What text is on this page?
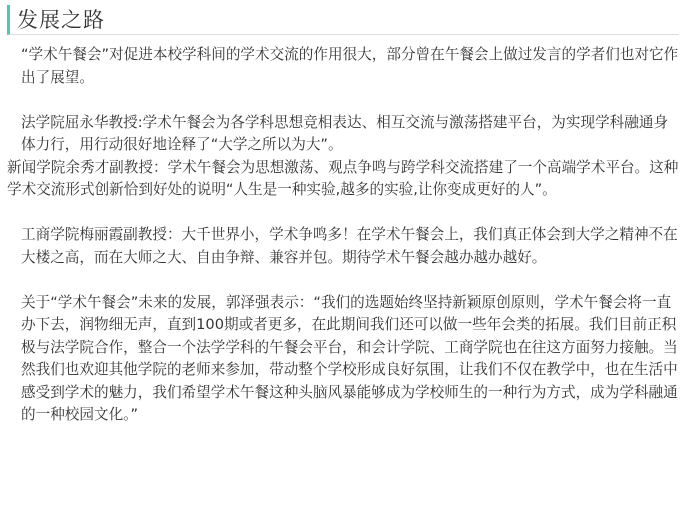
发展之路

“学术午餐会”对促进本校学科间的学术交流的作用很大，部分曾在午餐会上做过发言的学者们也对它作出了展望。

法学院屈永华教授:学术午餐会为各学科思想竞相表达、相互交流与激荡搭建平台，为实现学科融通身体力行，用行动很好地诠释了“大学之所以为大”。

新闻学院余秀才副教授：学术午餐会为思想激荡、观点争鸣与跨学科交流搭建了一个高端学术平台。这种学术交流形式创新恰到好处的说明“人生是一种实验,越多的实验,让你变成更好的人”。

工商学院梅丽霞副教授：大千世界小，学术争鸣多！在学术午餐会上，我们真正体会到大学之精神不在大楼之高，而在大师之大、自由争辩、兼容并包。期待学术午餐会越办越办越好。

关于“学术午餐会”未来的发展，郭泽强表示：“我们的选题始终坚持新颖原创原则，学术午餐会将一直办下去，润物细无声，直到100期或者更多，在此期间我们还可以做一些年会类的拓展。我们目前正积极与法学院合作，整合一个法学学科的午餐会平台，和会计学院、工商学院也在往这方面努力接触。当然我们也欢迎其他学院的老师来参加，带动整个学校形成良好氛围，让我们不仅在教学中，也在生活中感受到学术的魅力，我们希望学术午餐这种头脑风暴能够成为学校师生的一种行为方式，成为学科融通的一种校园文化。”
